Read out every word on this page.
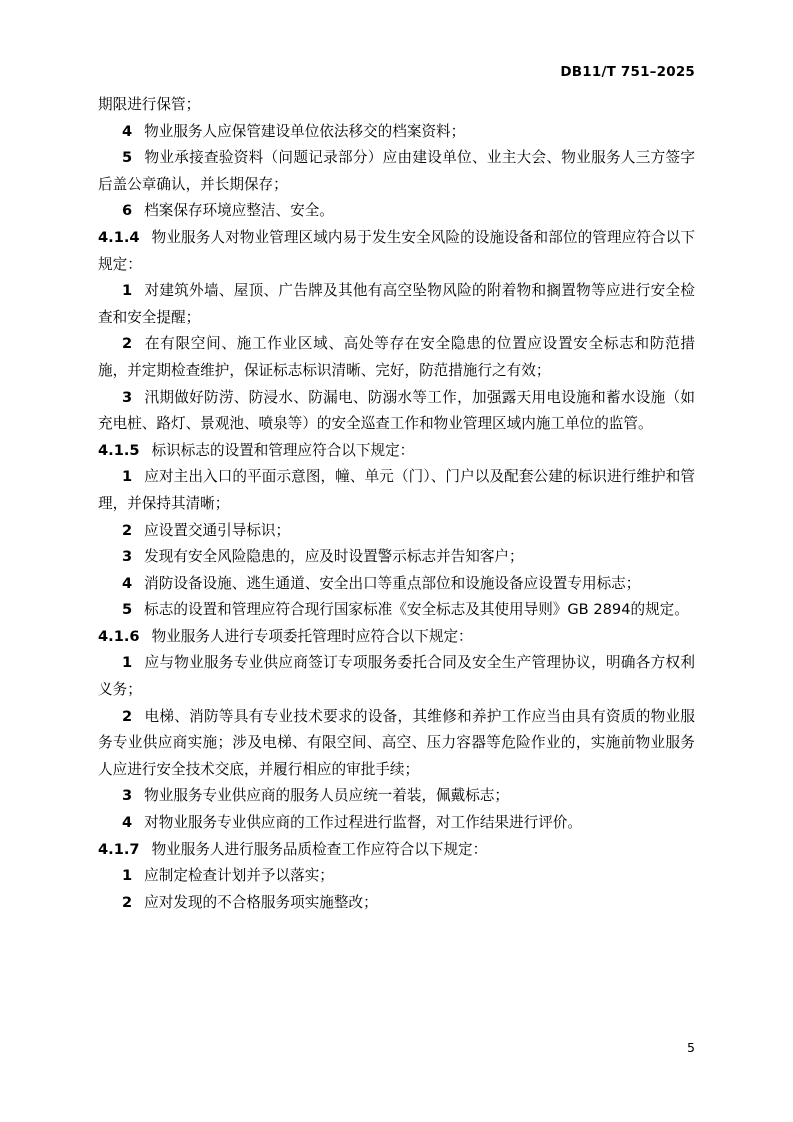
DB11/T 751–2025

期限进行保管；

4 物业服务人应保管建设单位依法移交的档案资料；

5 物业承接查验资料（问题记录部分）应由建设单位、业主大会、物业服务人三方签字后盖公章确认，并长期保存；

6 档案保存环境应整洁、安全。

4.1.4 物业服务人对物业管理区域内易于发生安全风险的设施设备和部位的管理应符合以下规定：

1 对建筑外墙、屋顶、广告牌及其他有高空坠物风险的附着物和搁置物等应进行安全检查和安全提醒；

2 在有限空间、施工作业区域、高处等存在安全隐患的位置应设置安全标志和防范措施，并定期检查维护，保证标志标识清晰、完好，防范措施行之有效；

3 汛期做好防涝、防浸水、防漏电、防溺水等工作，加强露天用电设施和蓄水设施（如充电桩、路灯、景观池、喷泉等）的安全巡查工作和物业管理区域内施工单位的监管。

4.1.5 标识标志的设置和管理应符合以下规定：

1 应对主出入口的平面示意图，幢、单元（门）、门户以及配套公建的标识进行维护和管理，并保持其清晰；

2 应设置交通引导标识；

3 发现有安全风险隐患的，应及时设置警示标志并告知客户；

4 消防设备设施、逃生通道、安全出口等重点部位和设施设备应设置专用标志；

5 标志的设置和管理应符合现行国家标准《安全标志及其使用导则》GB 2894的规定。

4.1.6 物业服务人进行专项委托管理时应符合以下规定：

1 应与物业服务专业供应商签订专项服务委托合同及安全生产管理协议，明确各方权利义务；

2 电梯、消防等具有专业技术要求的设备，其维修和养护工作应当由具有资质的物业服务专业供应商实施；涉及电梯、有限空间、高空、压力容器等危险作业的，实施前物业服务人应进行安全技术交底，并履行相应的审批手续；

3 物业服务专业供应商的服务人员应统一着装，佩戴标志；

4 对物业服务专业供应商的工作过程进行监督，对工作结果进行评价。

4.1.7 物业服务人进行服务品质检查工作应符合以下规定：

1 应制定检查计划并予以落实；

2 应对发现的不合格服务项实施整改；

5
